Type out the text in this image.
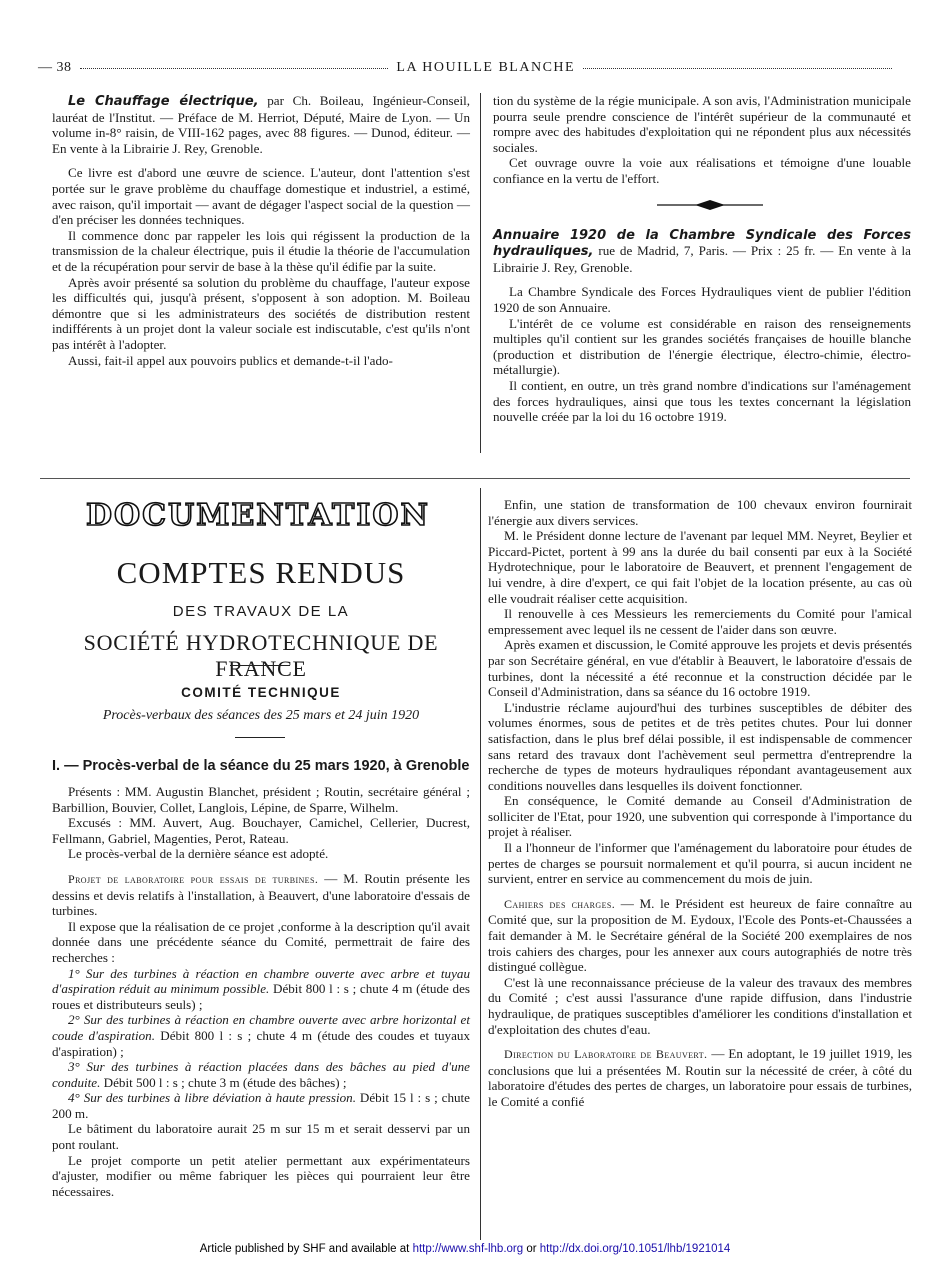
— 38	LA HOUILLE BLANCHE

Le Chauffage électrique, par Ch. Boileau, Ingénieur-Conseil, lauréat de l'Institut. — Préface de M. Herriot, Député, Maire de Lyon. — Un volume in-8° raisin, de VIII-162 pages, avec 88 figures. — Dunod, éditeur. — En vente à la Librairie J. Rey, Grenoble.

Ce livre est d'abord une œuvre de science. L'auteur, dont l'attention s'est portée sur le grave problème du chauffage domestique et industriel, a estimé, avec raison, qu'il importait — avant de dégager l'aspect social de la question — d'en préciser les données techniques.

Il commence donc par rappeler les lois qui régissent la production de la transmission de la chaleur électrique, puis il étudie la théorie de l'accumulation et de la récupération pour servir de base à la thèse qu'il édifie par la suite.

Après avoir présenté sa solution du problème du chauffage, l'auteur expose les difficultés qui, jusqu'à présent, s'opposent à son adoption. M. Boileau démontre que si les administrateurs des sociétés de distribution restent indifférents à un projet dont la valeur sociale est indiscutable, c'est qu'ils n'ont pas intérêt à l'adopter.

Aussi, fait-il appel aux pouvoirs publics et demande-t-il l'ado-

tion du système de la régie municipale. A son avis, l'Administration municipale pourra seule prendre conscience de l'intérêt supérieur de la communauté et rompre avec des habitudes d'exploitation qui ne répondent plus aux nécessités sociales.

Cet ouvrage ouvre la voie aux réalisations et témoigne d'une louable confiance en la vertu de l'effort.

Annuaire 1920 de la Chambre Syndicale des Forces hydrauliques, rue de Madrid, 7, Paris. — Prix : 25 fr. — En vente à la Librairie J. Rey, Grenoble.

La Chambre Syndicale des Forces Hydrauliques vient de publier l'édition 1920 de son Annuaire.

L'intérêt de ce volume est considérable en raison des renseignements multiples qu'il contient sur les grandes sociétés françaises de houille blanche (production et distribution de l'énergie électrique, électro-chimie, électro-métallurgie).

Il contient, en outre, un très grand nombre d'indications sur l'aménagement des forces hydrauliques, ainsi que tous les textes concernant la législation nouvelle créée par la loi du 16 octobre 1919.

DOCUMENTATION
COMPTES RENDUS
DES TRAVAUX DE LA
SOCIÉTÉ HYDROTECHNIQUE DE FRANCE
COMITÉ TECHNIQUE
Procès-verbaux des séances des 25 mars et 24 juin 1920
I. — Procès-verbal de la séance du 25 mars 1920, à Grenoble

Présents : MM. Augustin Blanchet, président ; Routin, secrétaire général ; Barbillion, Bouvier, Collet, Langlois, Lépine, de Sparre, Wilhelm.

Excusés : MM. Auvert, Aug. Bouchayer, Camichel, Cellerier, Ducrest, Fellmann, Gabriel, Magenties, Perot, Rateau.

Le procès-verbal de la dernière séance est adopté.

Projet de laboratoire pour essais de turbines. — M. Routin présente les dessins et devis relatifs à l'installation, à Beauvert, d'une laboratoire d'essais de turbines.

Il expose que la réalisation de ce projet ,conforme à la description qu'il avait donnée dans une précédente séance du Comité, permettrait de faire des recherches :

1° Sur des turbines à réaction en chambre ouverte avec arbre et tuyau d'aspiration réduit au minimum possible. Débit 800 l : s ; chute 4 m (étude des roues et distributeurs seuls) ;

2° Sur des turbines à réaction en chambre ouverte avec arbre horizontal et coude d'aspiration. Débit 800 l : s ; chute 4 m (étude des coudes et tuyaux d'aspiration) ;

3° Sur des turbines à réaction placées dans des bâches au pied d'une conduite. Débit 500 l : s ; chute 3 m (étude des bâches) ;

4° Sur des turbines à libre déviation à haute pression. Débit 15 l : s ; chute 200 m.

Le bâtiment du laboratoire aurait 25 m sur 15 m et serait desservi par un pont roulant.

Le projet comporte un petit atelier permettant aux expérimentateurs d'ajuster, modifier ou même fabriquer les pièces qui pourraient leur être nécessaires.

Enfin, une station de transformation de 100 chevaux environ fournirait l'énergie aux divers services.

M. le Président donne lecture de l'avenant par lequel MM. Neyret, Beylier et Piccard-Pictet, portent à 99 ans la durée du bail consenti par eux à la Société Hydrotechnique, pour le laboratoire de Beauvert, et prennent l'engagement de lui vendre, à dire d'expert, ce qui fait l'objet de la location présente, au cas où elle voudrait réaliser cette acquisition.

Il renouvelle à ces Messieurs les remerciements du Comité pour l'amical empressement avec lequel ils ne cessent de l'aider dans son œuvre.

Après examen et discussion, le Comité approuve les projets et devis présentés par son Secrétaire général, en vue d'établir à Beauvert, le laboratoire d'essais de turbines, dont la nécessité a été reconnue et la construction décidée par le Conseil d'Administration, dans sa séance du 16 octobre 1919.

L'industrie réclame aujourd'hui des turbines susceptibles de débiter des volumes énormes, sous de petites et de très petites chutes. Pour lui donner satisfaction, dans le plus bref délai possible, il est indispensable de commencer sans retard des travaux dont l'achèvement seul permettra d'entreprendre la recherche de types de moteurs hydrauliques répondant avantageusement aux conditions nouvelles dans lesquelles ils doivent fonctionner.

En conséquence, le Comité demande au Conseil d'Administration de solliciter de l'Etat, pour 1920, une subvention qui corresponde à l'importance du projet à réaliser.

Il a l'honneur de l'informer que l'aménagement du laboratoire pour études de pertes de charges se poursuit normalement et qu'il pourra, si aucun incident ne survient, entrer en service au commencement du mois de juin.

Cahiers des charges. — M. le Président est heureux de faire connaître au Comité que, sur la proposition de M. Eydoux, l'Ecole des Ponts-et-Chaussées a fait demander à M. le Secrétaire général de la Société 200 exemplaires de nos trois cahiers des charges, pour les annexer aux cours autographiés de notre très distingué collègue.

C'est là une reconnaissance précieuse de la valeur des travaux des membres du Comité ; c'est aussi l'assurance d'une rapide diffusion, dans l'industrie hydraulique, de pratiques susceptibles d'améliorer les conditions d'installation et d'exploitation des chutes d'eau.

Direction du Laboratoire de Beauvert. — En adoptant, le 19 juillet 1919, les conclusions que lui a présentées M. Routin sur la nécessité de créer, à côté du laboratoire d'études des pertes de charges, un laboratoire pour essais de turbines, le Comité a confié

Article published by SHF and available at http://www.shf-lhb.org or http://dx.doi.org/10.1051/lhb/1921014
